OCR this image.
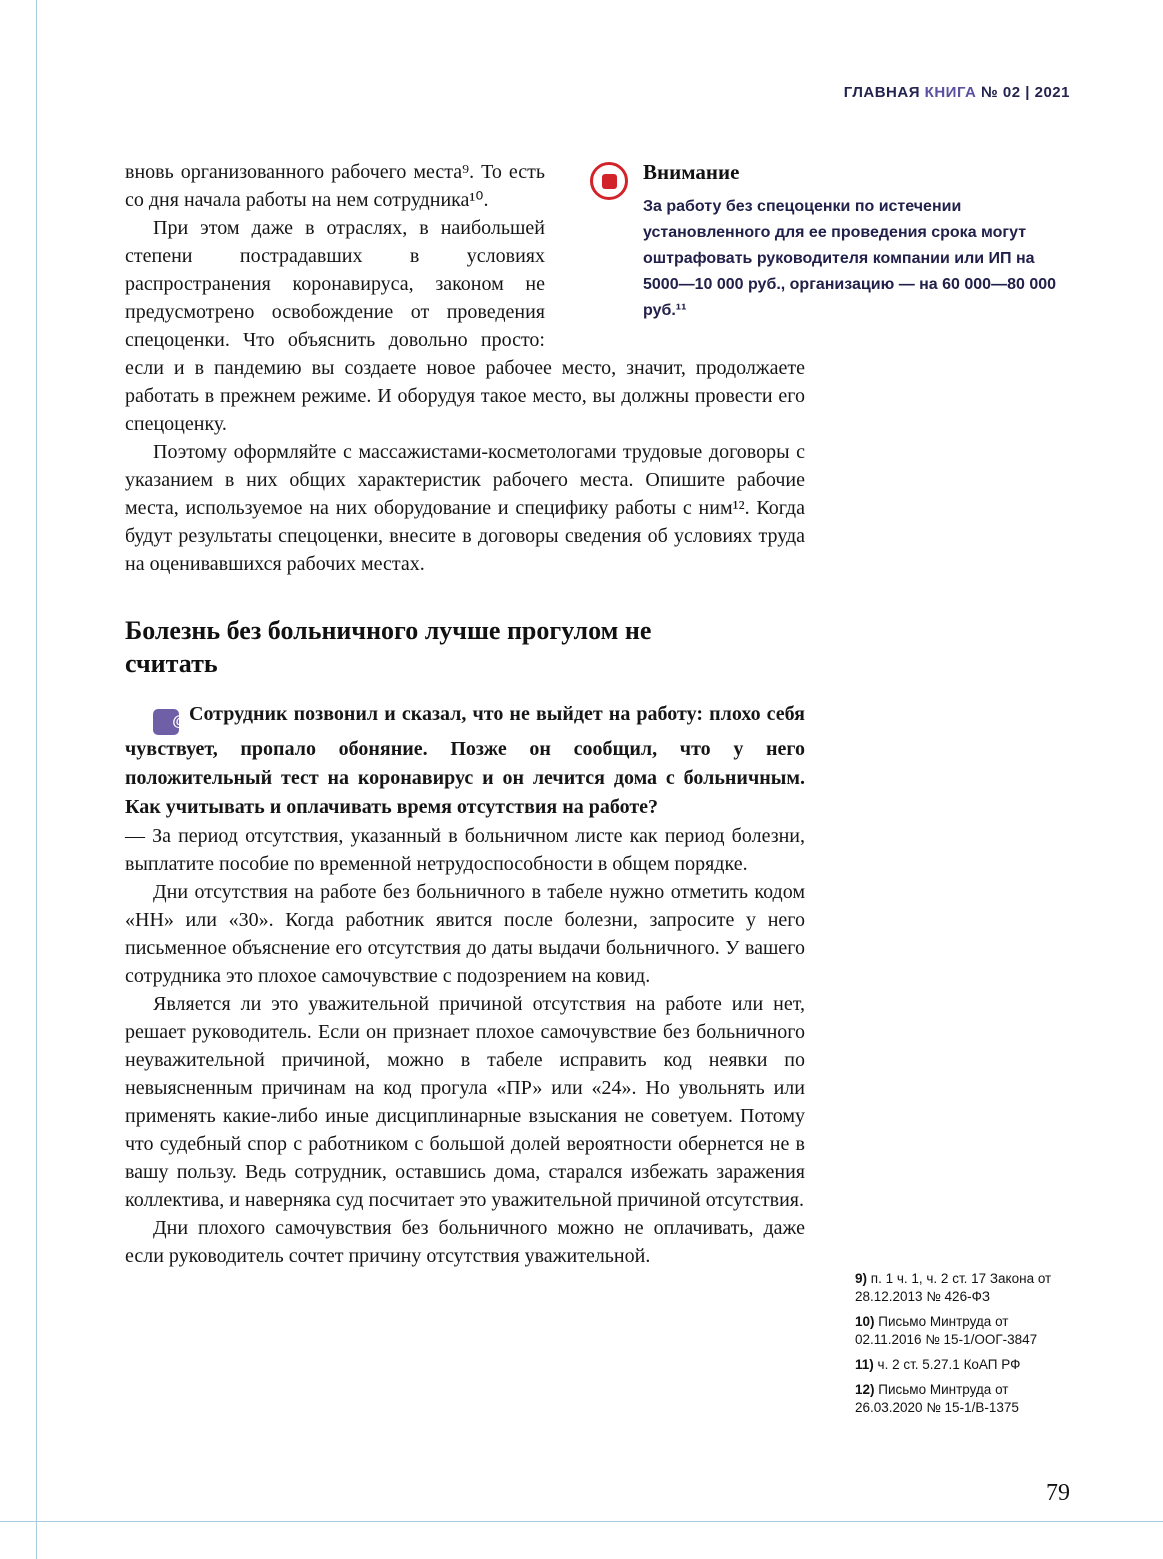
ГЛАВНАЯ КНИГА № 02 | 2021
Внимание
За работу без спецоценки по истечении установленного для ее проведения срока могут оштрафовать руководителя компании или ИП на 5000—10 000 руб., организацию — на 60 000—80 000 руб.¹¹

вновь организованного рабочего места⁹. То есть со дня начала работы на нем сотрудника¹⁰.

При этом даже в отраслях, в наибольшей степени пострадавших в условиях распространения коронавируса, законом не предусмотрено освобождение от проведения спецоценки. Что объяснить довольно просто: если и в пандемию вы создаете новое рабочее место, значит, продолжаете работать в прежнем режиме. И оборудуя такое место, вы должны провести его спецоценку.

Поэтому оформляйте с массажистами-косметологами трудовые договоры с указанием в них общих характеристик рабочего места. Опишите рабочие места, используемое на них оборудование и специфику работы с ним¹². Когда будут результаты спецоценки, внесите в договоры сведения об условиях труда на оценивавшихся рабочих местах.

Болезнь без больничного лучше прогулом не считать

@Сотрудник позвонил и сказал, что не выйдет на работу: плохо себя чувствует, пропало обоняние. Позже он сообщил, что у него положительный тест на коронавирус и он лечится дома с больничным. Как учитывать и оплачивать время отсутствия на работе?

— За период отсутствия, указанный в больничном листе как период болезни, выплатите пособие по временной нетрудоспособности в общем порядке.

Дни отсутствия на работе без больничного в табеле нужно отметить кодом «НН» или «30». Когда работник явится после болезни, запросите у него письменное объяснение его отсутствия до даты выдачи больничного. У вашего сотрудника это плохое самочувствие с подозрением на ковид.

Является ли это уважительной причиной отсутствия на работе или нет, решает руководитель. Если он признает плохое самочувствие без больничного неуважительной причиной, можно в табеле исправить код неявки по невыясненным причинам на код прогула «ПР» или «24». Но увольнять или применять какие-либо иные дисциплинарные взыскания не советуем. Потому что судебный спор с работником с большой долей вероятности обернется не в вашу пользу. Ведь сотрудник, оставшись дома, старался избежать заражения коллектива, и наверняка суд посчитает это уважительной причиной отсутствия.

Дни плохого самочувствия без больничного можно не оплачивать, даже если руководитель сочтет причину отсутствия уважительной.

9) п. 1 ч. 1, ч. 2 ст. 17 Закона от 28.12.2013 № 426-ФЗ
10) Письмо Минтруда от 02.11.2016 № 15-1/ООГ-3847
11) ч. 2 ст. 5.27.1 КоАП РФ
12) Письмо Минтруда от 26.03.2020 № 15-1/В-1375
79
